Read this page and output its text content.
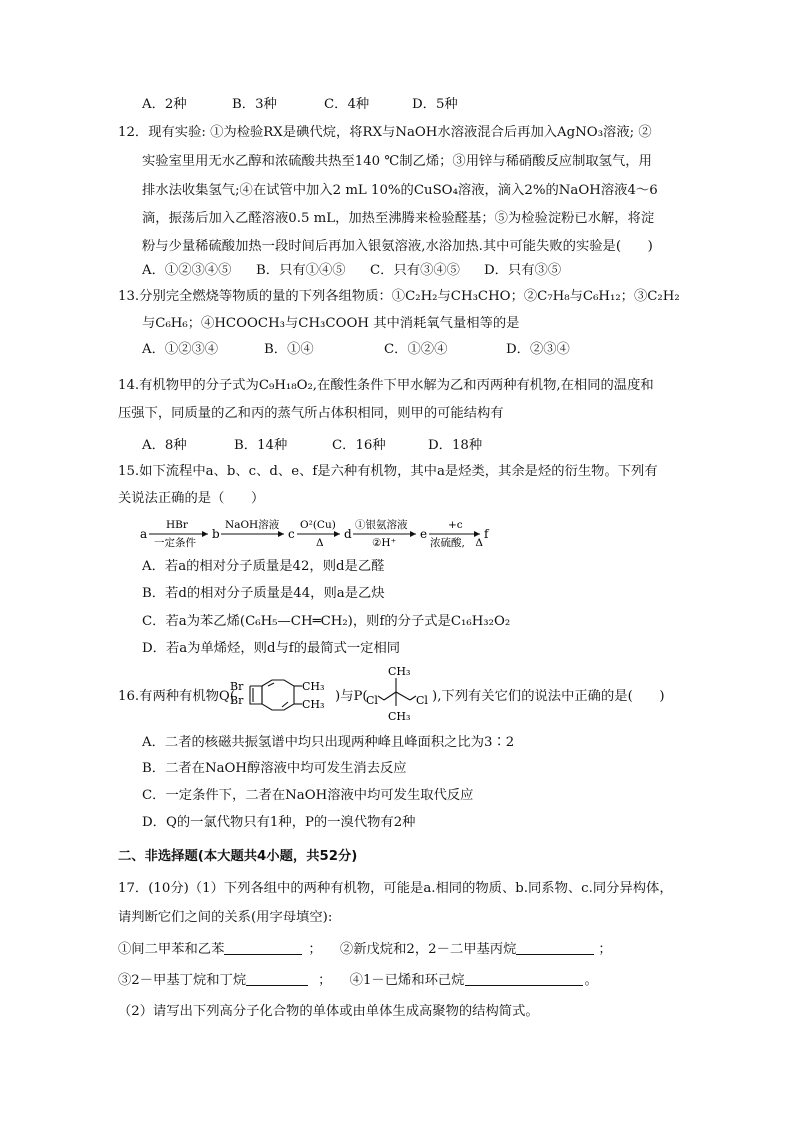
A．2种	B．3种	C．4种	D．5种
12．现有实验: ①为检验RX是碘代烷，将RX与NaOH水溶液混合后再加入AgNO₃溶液; ②
实验室里用无水乙醇和浓硫酸共热至140 ℃制乙烯；③用锌与稀硝酸反应制取氢气，用
排水法收集氢气;④在试管中加入2 mL 10%的CuSO₄溶液，滴入2%的NaOH溶液4～6
滴，振荡后加入乙醛溶液0.5 mL，加热至沸腾来检验醛基；⑤为检验淀粉已水解，将淀
粉与少量稀硫酸加热一段时间后再加入银氨溶液,水浴加热.其中可能失败的实验是(　　)
A．①②③④⑤ B．只有①④⑤ C．只有③④⑤ D．只有③⑤
13.分别完全燃烧等物质的量的下列各组物质：①C₂H₂与CH₃CHO；②C₇H₈与C₆H₁₂；③C₂H₂
与C₆H₆；④HCOOCH₃与CH₃COOH 其中消耗氧气量相等的是
A．①②③④	B．①④	C．①②④	D．②③④
14.有机物甲的分子式为C₉H₁₈O₂,在酸性条件下甲水解为乙和丙两种有机物,在相同的温度和
压强下，同质量的乙和丙的蒸气所占体积相同，则甲的可能结构有
A．8种	B．14种	C．16种	D．18种
15.如下流程中a、b、c、d、e、f是六种有机物，其中a是烃类，其余是烃的衍生物。下列有
关说法正确的是（　　）
a	b	c	d	e	f
HBr
一定条件
NaOH溶液 O²(Cu)
Δ
①银氨溶液
②H⁺
+c
浓硫酸,　Δ
A．若a的相对分子质量是42，则d是乙醛
B．若d的相对分子质量是44，则a是乙炔
C．若a为苯乙烯(C₆H₅—CH═CH₂)，则f的分子式是C₁₆H₃₂O₂
D．若a为单烯烃，则d与f的最简式一定相同
16.有两种有机物Q(
Br
Br
CH₃
CH₃
)与P(
CH₃
CH₃
Cl	Cl ),下列有关它们的说法中正确的是(　　)
A．二者的核磁共振氢谱中均只出现两种峰且峰面积之比为3∶2
B．二者在NaOH醇溶液中均可发生消去反应
C．一定条件下，二者在NaOH溶液中均可发生取代反应
D．Q的一氯代物只有1种，P的一溴代物有2种
二、非选择题(本大题共4小题，共52分)
17．(10分)（1）下列各组中的两种有机物，可能是a.相同的物质、b.同系物、c.同分异构体，
请判断它们之间的关系(用字母填空):
①间二甲苯和乙苯	； ②新戊烷和2，2－二甲基丙烷	；
③2－甲基丁烷和丁烷	； ④1－已烯和环己烷	。
（2）请写出下列高分子化合物的单体或由单体生成高聚物的结构简式。
